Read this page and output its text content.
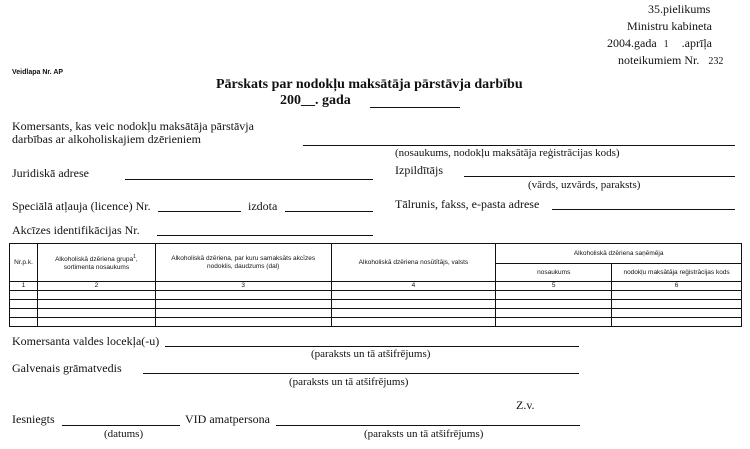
35.pielikums
Ministru kabineta
2004.gada 1 .aprīļa
noteikumiem Nr. 232
Veidlapa Nr. AP
Pārskats par nodokļu maksātāja pārstāvja darbību
200__. gada
Komersants, kas veic nodokļu maksātāja pārstāvja
darbības ar alkoholiskajiem dzērieniem
(nosaukums, nodokļu maksātāja reģistrācijas kods)
Juridiskā adrese	Izpildītājs
(vārds, uzvārds, paraksts)
Speciālā atļauja (licence) Nr.	izdota	Tālrunis, fakss, e-pasta adrese
Akcīzes identifikācijas Nr.
Nr.p.k.	Alkoholiskā dzēriena grupa$^1$, sortimenta nosaukums	Alkoholiskā dzēriena, par kuru samaksāts akcīzes nodoklis, daudzums (dal)	Alkoholiskā dzēriena nosūtītājs, valsts	Alkoholiskā dzēriena saņēmēja	
				nosaukums	nodokļu maksātāja reģistrācijas kods
1	2	3	4	5	6

Komersanta valdes locekļa(-u)
(paraksts un tā atšifrējums)
Galvenais grāmatvedis
(paraksts un tā atšifrējums)
Z.v.
Iesniegts
(datums)
VID amatpersona
(paraksts un tā atšifrējums)
